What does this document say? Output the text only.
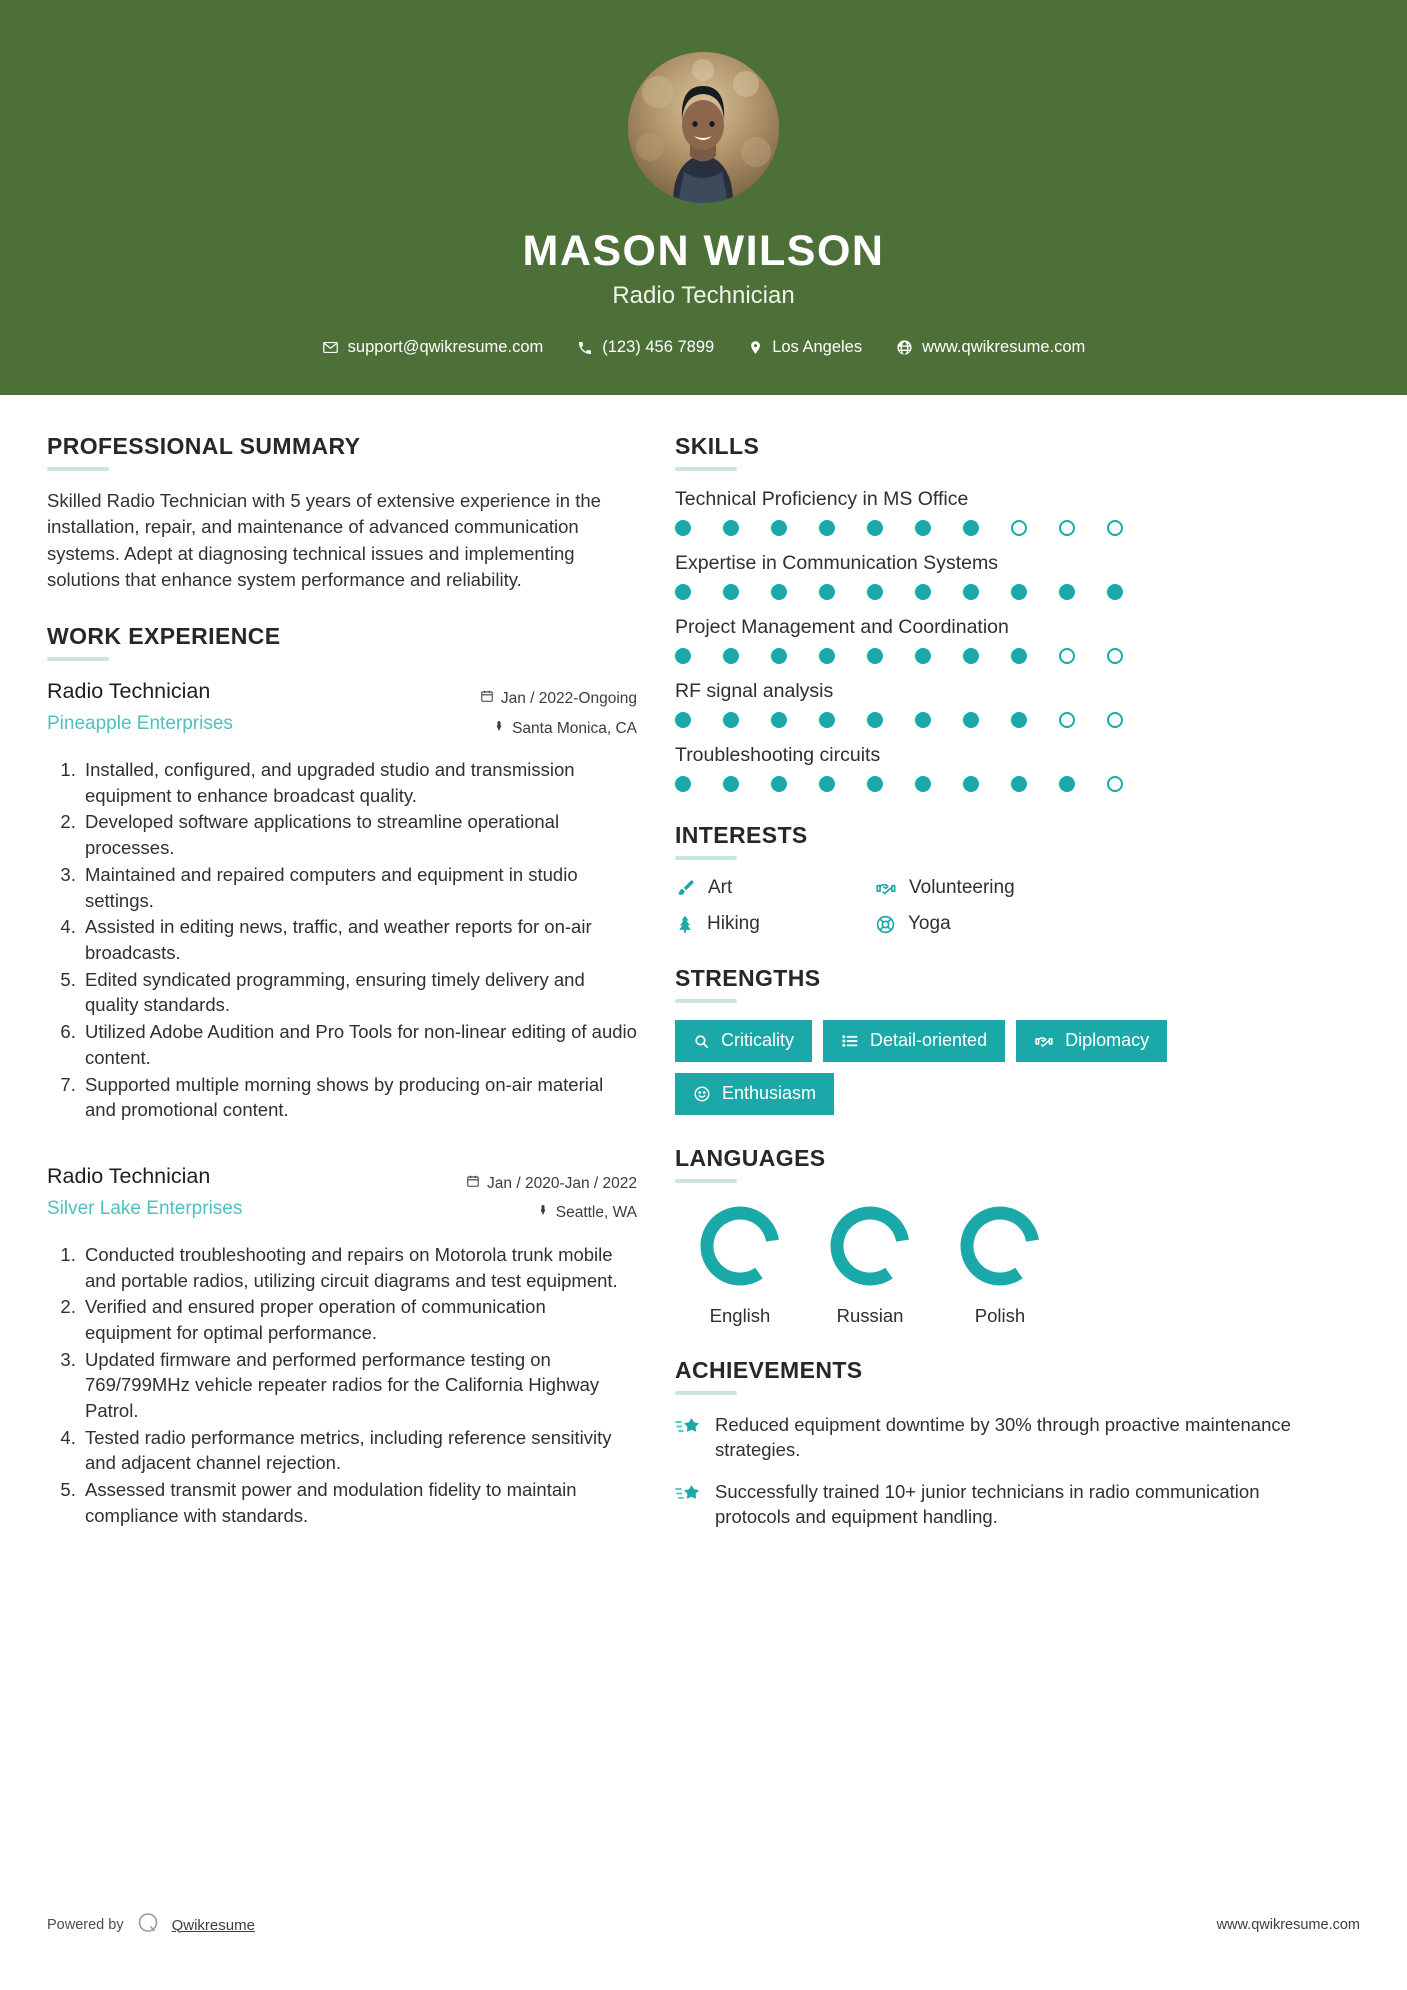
MASON WILSON
Radio Technician
support@qwikresume.com	(123) 456 7899	Los Angeles	www.qwikresume.com
PROFESSIONAL SUMMARY
Skilled Radio Technician with 5 years of extensive experience in the installation, repair, and maintenance of advanced communication systems. Adept at diagnosing technical issues and implementing solutions that enhance system performance and reliability.
WORK EXPERIENCE
Radio Technician
Pineapple Enterprises
Jan / 2022-Ongoing
Santa Monica, CA
1. Installed, configured, and upgraded studio and transmission equipment to enhance broadcast quality.
2. Developed software applications to streamline operational processes.
3. Maintained and repaired computers and equipment in studio settings.
4. Assisted in editing news, traffic, and weather reports for on-air broadcasts.
5. Edited syndicated programming, ensuring timely delivery and quality standards.
6. Utilized Adobe Audition and Pro Tools for non-linear editing of audio content.
7. Supported multiple morning shows by producing on-air material and promotional content.
Radio Technician
Silver Lake Enterprises
Jan / 2020-Jan / 2022
Seattle, WA
1. Conducted troubleshooting and repairs on Motorola trunk mobile and portable radios, utilizing circuit diagrams and test equipment.
2. Verified and ensured proper operation of communication equipment for optimal performance.
3. Updated firmware and performed performance testing on 769/799MHz vehicle repeater radios for the California Highway Patrol.
4. Tested radio performance metrics, including reference sensitivity and adjacent channel rejection.
5. Assessed transmit power and modulation fidelity to maintain compliance with standards.
SKILLS
Technical Proficiency in MS Office
Expertise in Communication Systems
Project Management and Coordination
RF signal analysis
Troubleshooting circuits
INTERESTS
Art	Volunteering
Hiking	Yoga
STRENGTHS
Criticality	Detail-oriented	Diplomacy
Enthusiasm
LANGUAGES
English	Russian	Polish
ACHIEVEMENTS
Reduced equipment downtime by 30% through proactive maintenance strategies.
Successfully trained 10+ junior technicians in radio communication protocols and equipment handling.
Powered by	Qwikresume	www.qwikresume.com
